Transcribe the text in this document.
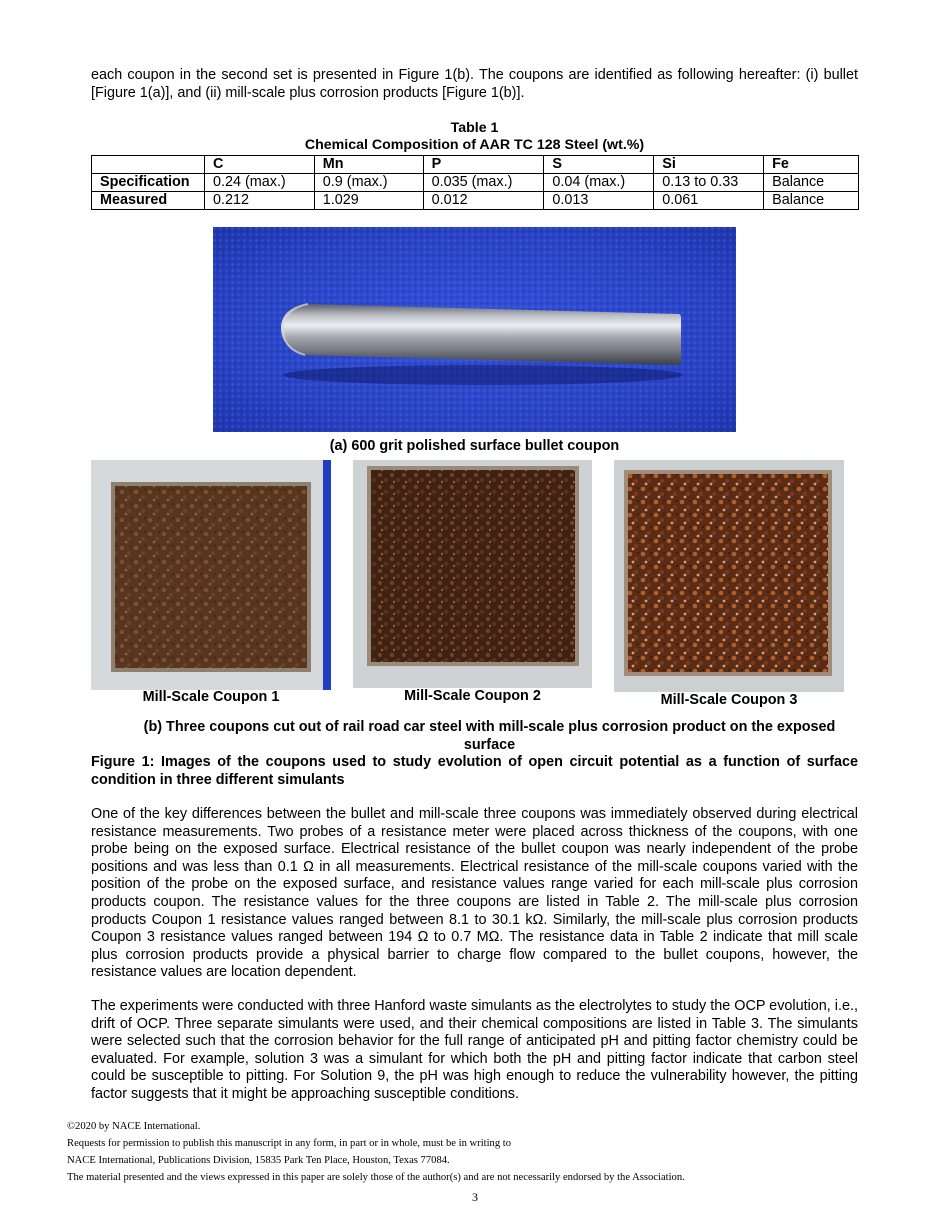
each coupon in the second set is presented in Figure 1(b). The coupons are identified as following hereafter: (i) bullet [Figure 1(a)], and (ii) mill-scale plus corrosion products [Figure 1(b)].

Table 1
Chemical Composition of AAR TC 128 Steel (wt.%)
	C	Mn	P	S	Si	Fe
Specification	0.24 (max.)	0.9 (max.)	0.035 (max.)	0.04 (max.)	0.13 to 0.33	Balance
Measured	0.212	1.029	0.012	0.013	0.061	Balance
(a) 600 grit polished surface bullet coupon
Mill-Scale Coupon 1	Mill-Scale Coupon 2	Mill-Scale Coupon 3
(b) Three coupons cut out of rail road car steel with mill-scale plus corrosion product on the exposed
surface
Figure 1: Images of the coupons used to study evolution of open circuit potential as a function of surface condition in three different simulants

One of the key differences between the bullet and mill-scale three coupons was immediately observed during electrical resistance measurements. Two probes of a resistance meter were placed across thickness of the coupons, with one probe being on the exposed surface. Electrical resistance of the bullet coupon was nearly independent of the probe positions and was less than 0.1 Ω in all measurements. Electrical resistance of the mill-scale coupons varied with the position of the probe on the exposed surface, and resistance values range varied for each mill-scale plus corrosion products coupon. The resistance values for the three coupons are listed in Table 2. The mill-scale plus corrosion products Coupon 1 resistance values ranged between 8.1 to 30.1 kΩ. Similarly, the mill-scale plus corrosion products Coupon 3 resistance values ranged between 194 Ω to 0.7 MΩ. The resistance data in Table 2 indicate that mill scale plus corrosion products provide a physical barrier to charge flow compared to the bullet coupons, however, the resistance values are location dependent.

The experiments were conducted with three Hanford waste simulants as the electrolytes to study the OCP evolution, i.e., drift of OCP. Three separate simulants were used, and their chemical compositions are listed in Table 3. The simulants were selected such that the corrosion behavior for the full range of anticipated pH and pitting factor chemistry could be evaluated. For example, solution 3 was a simulant for which both the pH and pitting factor indicate that carbon steel could be susceptible to pitting. For Solution 9, the pH was high enough to reduce the vulnerability however, the pitting factor suggests that it might be approaching susceptible conditions.

©2020 by NACE International.
Requests for permission to publish this manuscript in any form, in part or in whole, must be in writing to
NACE International, Publications Division, 15835 Park Ten Place, Houston, Texas 77084.
The material presented and the views expressed in this paper are solely those of the author(s) and are not necessarily endorsed by the Association.
3
